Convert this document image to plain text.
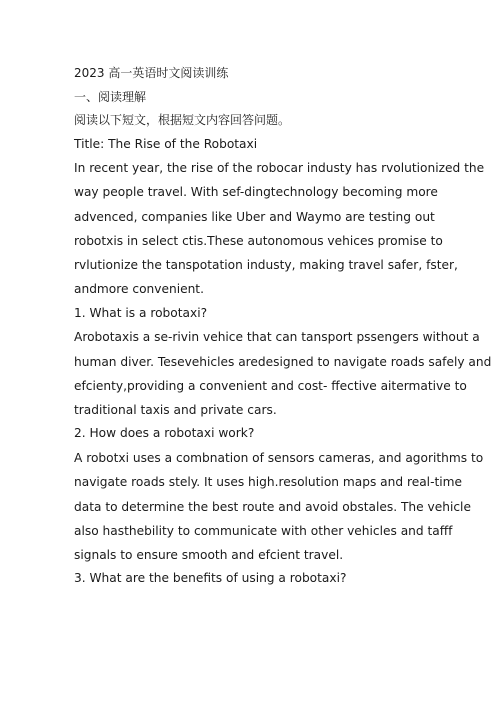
2023 高一英语时文阅读训练

一、阅读理解

阅读以下短文，根据短文内容回答问题。

Title: The Rise of the Robotaxi

In recent year, the rise of the robocar industy has rvolutionized the
way people travel. With sef-dingtechnology becoming more
advenced, companies like Uber and Waymo are testing out
robotxis in select ctis.These autonomous vehices promise to
rvlutionize the tanspotation industy, making travel safer, fster,
andmore convenient.

1. What is a robotaxi?

Arobotaxis a se-rivin vehice that can tansport pssengers without a
human diver. Tesevehicles aredesigned to navigate roads safely and
efcienty,providing a convenient and cost- ffective aitermative to
traditional taxis and private cars.

2. How does a robotaxi work?

A robotxi uses a combnation of sensors cameras, and agorithms to
navigate roads stely. It uses high.resolution maps and real-time
data to determine the best route and avoid obstales. The vehicle
also hasthebility to communicate with other vehicles and tafff
signals to ensure smooth and efcient travel.

3. What are the benefits of using a robotaxi?
